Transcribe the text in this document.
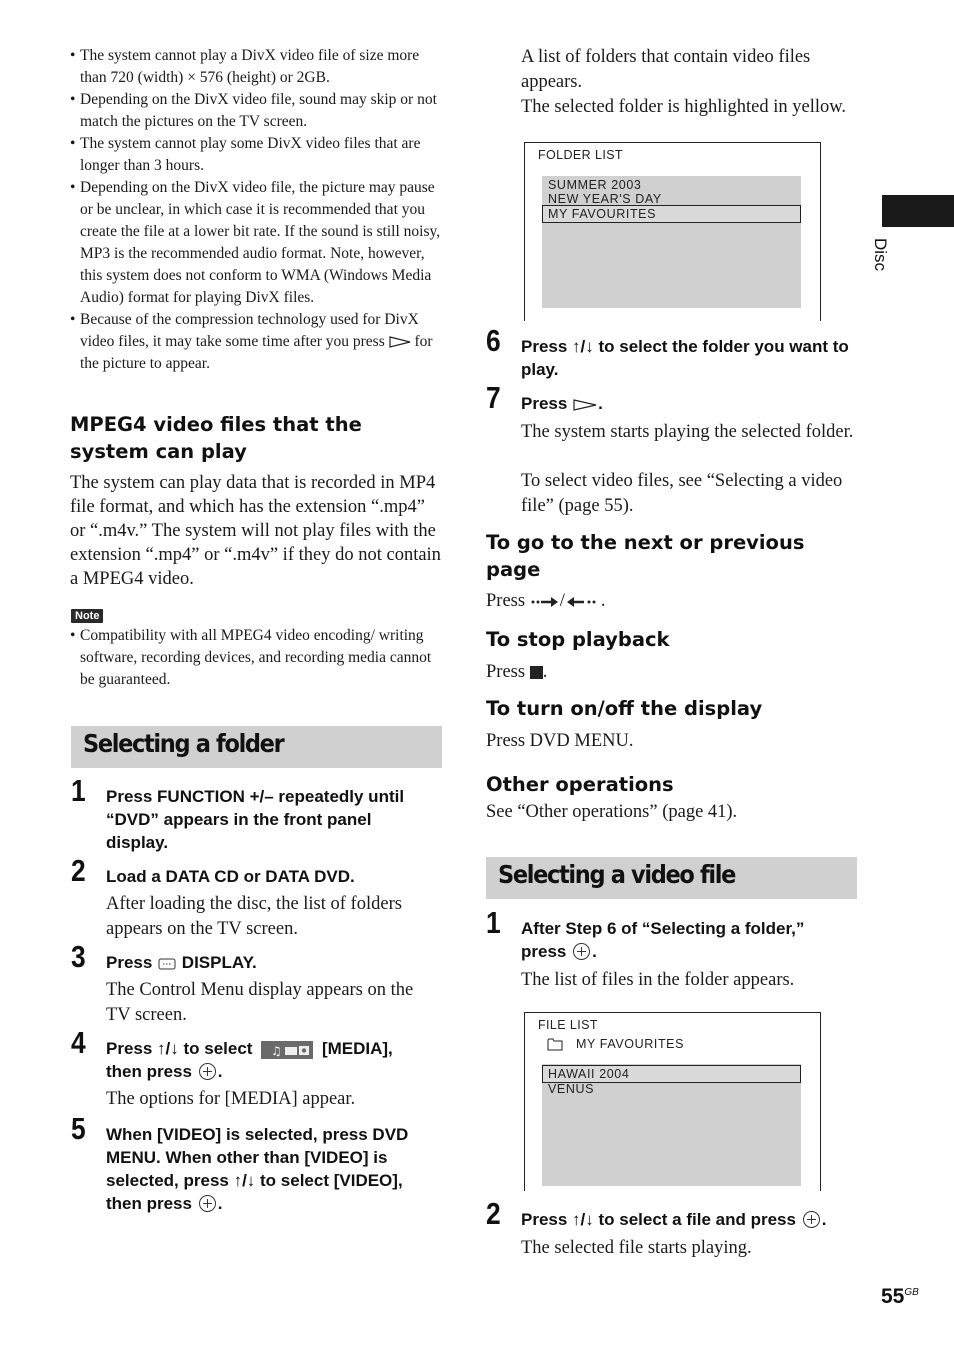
Disc

• The system cannot play a DivX video file of size more than 720 (width) × 576 (height) or 2GB.

• Depending on the DivX video file, sound may skip or not match the pictures on the TV screen.

• The system cannot play some DivX video files that are longer than 3 hours.

• Depending on the DivX video file, the picture may pause or be unclear, in which case it is recommended that you create the file at a lower bit rate. If the sound is still noisy, MP3 is the recommended audio format. Note, however, this system does not conform to WMA (Windows Media Audio) format for playing DivX files.

• Because of the compression technology used for DivX video files, it may take some time after you press for the picture to appear.

MPEG4 video files that the system can play
The system can play data that is recorded in MP4 file format, and which has the extension “.mp4” or “.m4v.” The system will not play files with the extension “.mp4” or “.m4v” if they do not contain a MPEG4 video.
Note

• Compatibility with all MPEG4 video encoding/ writing software, recording devices, and recording media cannot be guaranteed.

Selecting a folder
1 Press FUNCTION +/– repeatedly until “DVD” appears in the front panel display.
2 Load a DATA CD or DATA DVD.
After loading the disc, the list of folders appears on the TV screen.
3 Press DISPLAY.
The Control Menu display appears on the TV screen.
4 Press ↑/↓ to select ♫ [MEDIA],
then press .
The options for [MEDIA] appear.
5 When [VIDEO] is selected, press DVD MENU. When other than [VIDEO] is selected, press ↑/↓ to select [VIDEO], then press .
A list of folders that contain video files appears.
The selected folder is highlighted in yellow.
FOLDER LIST
SUMMER 2003
NEW YEAR'S DAY
MY FAVOURITES
6 Press ↑/↓ to select the folder you want to play.
7 Press .
The system starts playing the selected folder.
To select video files, see “Selecting a video file” (page 55).
To go to the next or previous page
Press / .
To stop playback
Press .
To turn on/off the display
Press DVD MENU.
Other operations
See “Other operations” (page 41).
Selecting a video file
1 After Step 6 of “Selecting a folder,”
press .
The list of files in the folder appears.
FILE LIST
MY FAVOURITES
HAWAII 2004
VENUS
2 Press ↑/↓ to select a file and press .
The selected file starts playing.
$55^{GB}$
